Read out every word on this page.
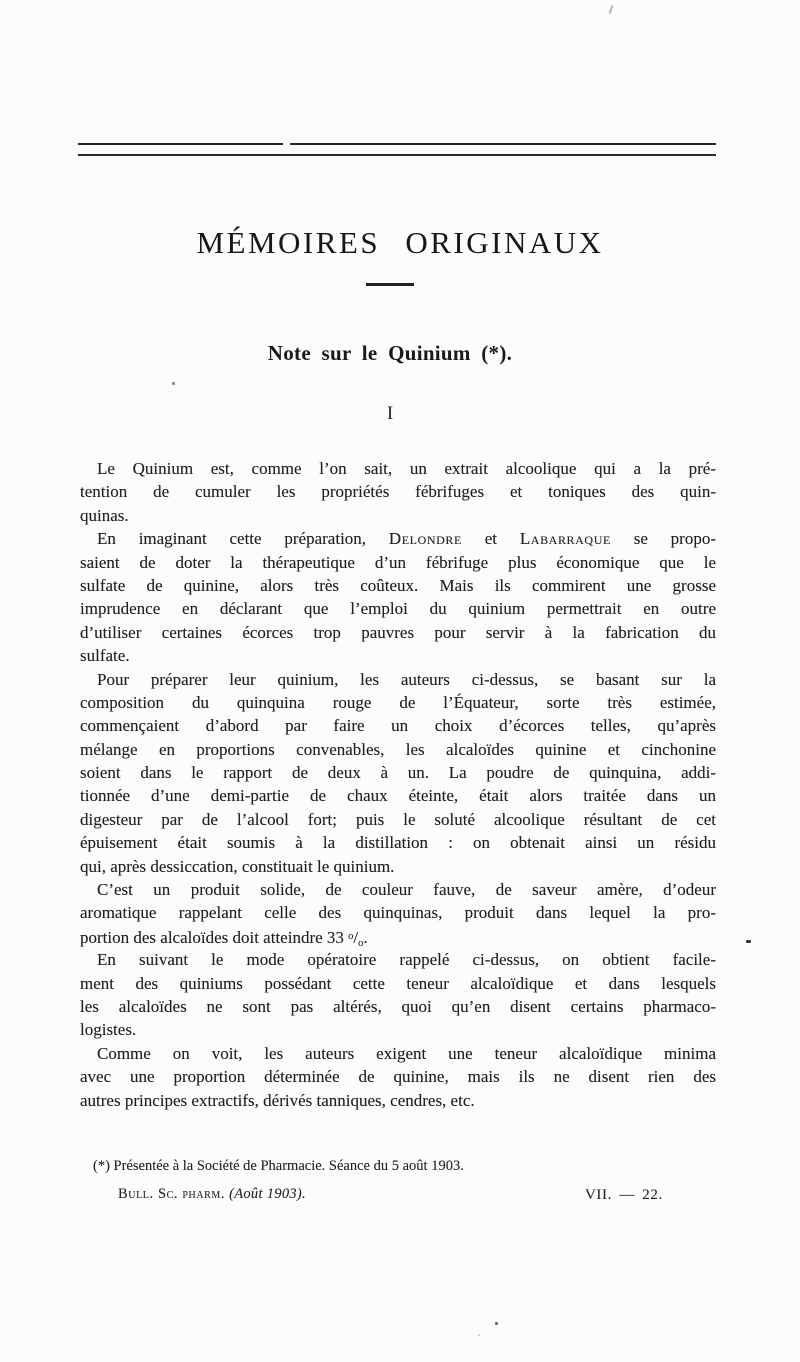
MÉMOIRES ORIGINAUX
Note sur le Quinium (*).
I
Le Quinium est, comme l’on sait, un extrait alcoolique qui a la pré-
tention de cumuler les propriétés fébrifuges et toniques des quin-
quinas.
En imaginant cette préparation, Delondre et Labarraque se propo-
saient de doter la thérapeutique d’un fébrifuge plus économique que le
sulfate de quinine, alors très coûteux. Mais ils commirent une grosse
imprudence en déclarant que l’emploi du quinium permettrait en outre
d’utiliser certaines écorces trop pauvres pour servir à la fabrication du
sulfate.
Pour préparer leur quinium, les auteurs ci-dessus, se basant sur la
composition du quinquina rouge de l’Équateur, sorte très estimée,
commençaient d’abord par faire un choix d’écorces telles, qu’après
mélange en proportions convenables, les alcaloïdes quinine et cinchonine
soient dans le rapport de deux à un. La poudre de quinquina, addi-
tionnée d’une demi-partie de chaux éteinte, était alors traitée dans un
digesteur par de l’alcool fort; puis le soluté alcoolique résultant de cet
épuisement était soumis à la distillation : on obtenait ainsi un résidu
qui, après dessiccation, constituait le quinium.
C’est un produit solide, de couleur fauve, de saveur amère, d’odeur
aromatique rappelant celle des quinquinas, produit dans lequel la pro-
portion des alcaloïdes doit atteindre 33 $^o$/o.
En suivant le mode opératoire rappelé ci-dessus, on obtient facile-
ment des quiniums possédant cette teneur alcaloïdique et dans lesquels
les alcaloïdes ne sont pas altérés, quoi qu’en disent certains pharmaco-
logistes.
Comme on voit, les auteurs exigent une teneur alcaloïdique minima
avec une proportion déterminée de quinine, mais ils ne disent rien des
autres principes extractifs, dérivés tanniques, cendres, etc.
(*) Présentée à la Société de Pharmacie. Séance du 5 août 1903.
Bull. Sc. pharm. (Août 1903).	VII. — 22.
